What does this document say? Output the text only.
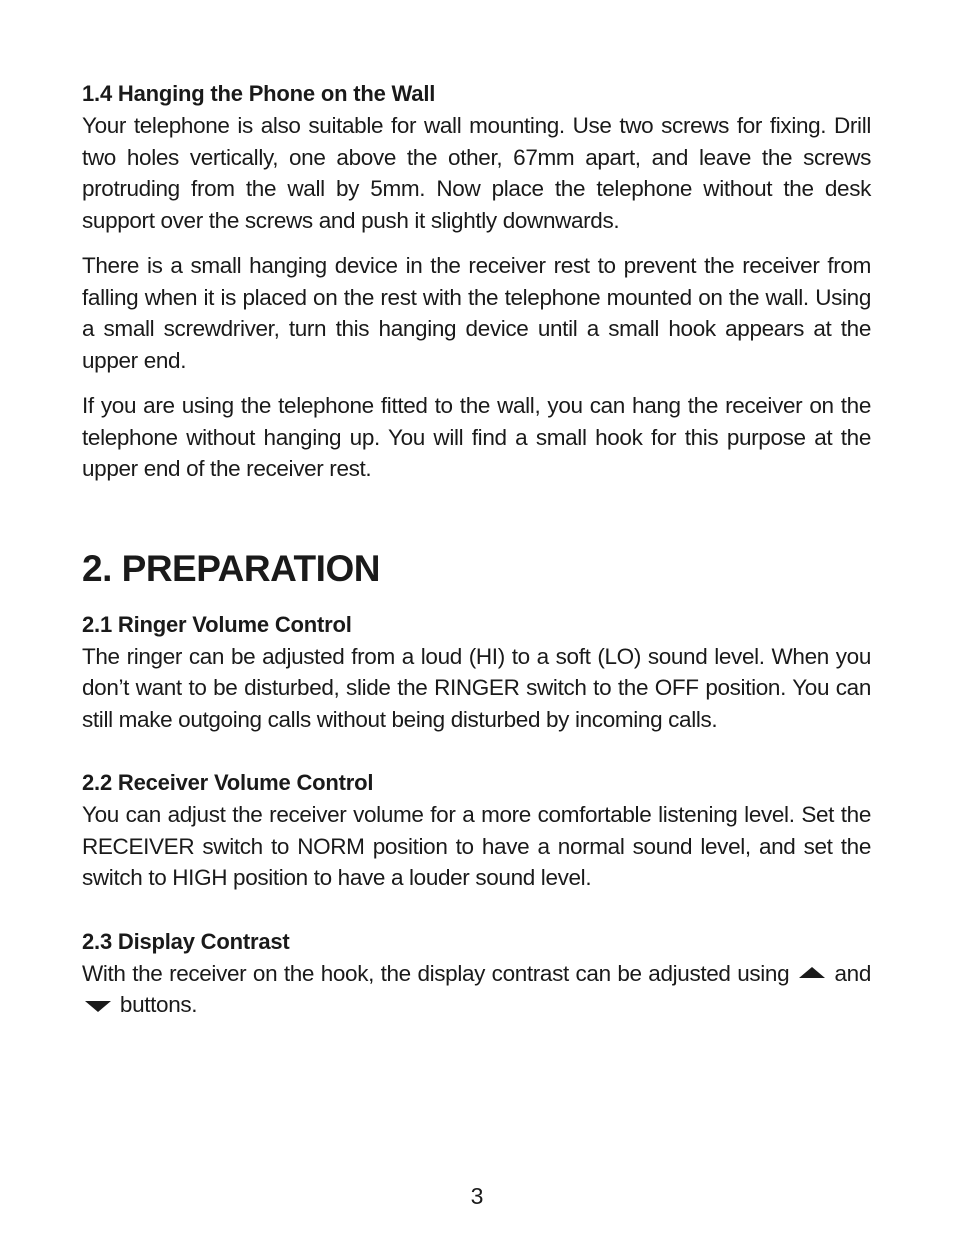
1.4 Hanging the Phone on the Wall

Your telephone is also suitable for wall mounting. Use two screws for fixing. Drill two holes vertically, one above the other, 67mm apart, and leave the screws protruding from the wall by 5mm. Now place the telephone without the desk support over the screws and push it slightly downwards.

There is a small hanging device in the receiver rest to prevent the receiver from falling when it is placed on the rest with the telephone mounted on the wall. Using a small screwdriver, turn this hanging device until a small hook appears at the upper end.

If you are using the telephone fitted to the wall, you can hang the receiver on the telephone without hanging up. You will find a small hook for this purpose at the upper end of the receiver rest.

2. PREPARATION
2.1 Ringer Volume Control

The ringer can be adjusted from a loud (HI) to a soft (LO) sound level. When you don’t want to be disturbed, slide the RINGER switch to the OFF position. You can still make outgoing calls without being disturbed by incoming calls.

2.2 Receiver Volume Control

You can adjust the receiver volume for a more comfortable listening level. Set the RECEIVER switch to NORM position to have a normal sound level, and set the switch to HIGH position to have a louder sound level.

2.3 Display Contrast

With the receiver on the hook, the display contrast can be adjusted using and  buttons.

3
